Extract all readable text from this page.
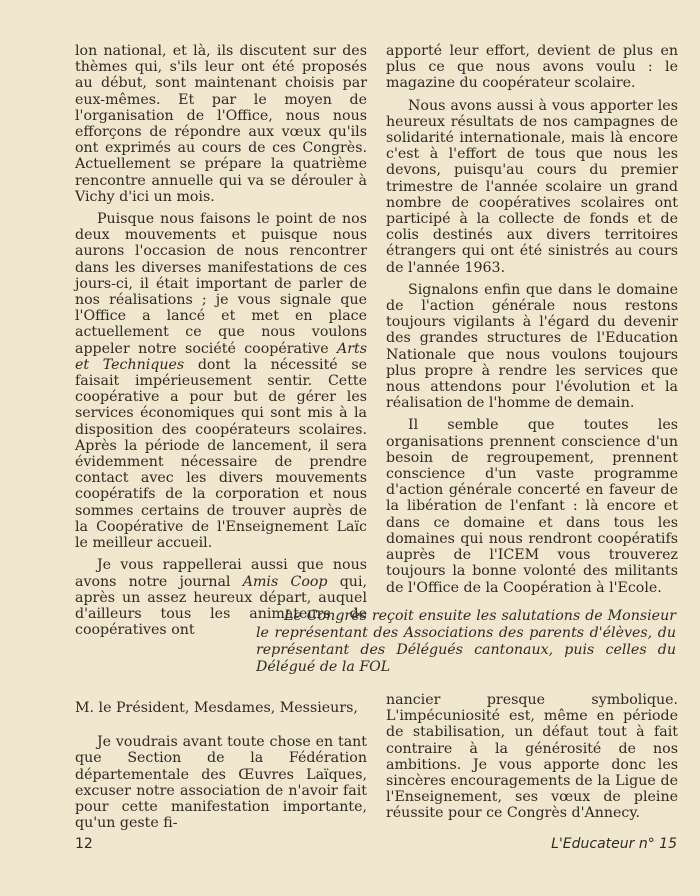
lon national, et là, ils discutent sur des thèmes qui, s'ils leur ont été proposés au début, sont maintenant choisis par eux-mêmes. Et par le moyen de l'organisation de l'Office, nous nous efforçons de répondre aux vœux qu'ils ont exprimés au cours de ces Congrès. Actuellement se prépare la quatrième rencontre annuelle qui va se dérouler à Vichy d'ici un mois.

Puisque nous faisons le point de nos deux mouvements et puisque nous aurons l'occasion de nous rencontrer dans les diverses manifestations de ces jours-ci, il était important de parler de nos réalisations ; je vous signale que l'Office a lancé et met en place actuellement ce que nous voulons appeler notre société coopérative Arts et Techniques dont la nécessité se faisait impérieusement sentir. Cette coopérative a pour but de gérer les services économiques qui sont mis à la disposition des coopérateurs scolaires. Après la période de lancement, il sera évidemment nécessaire de prendre contact avec les divers mouvements coopératifs de la corporation et nous sommes certains de trouver auprès de la Coopérative de l'Enseignement Laïc le meilleur accueil.

Je vous rappellerai aussi que nous avons notre journal Amis Coop qui, après un assez heureux départ, auquel d'ailleurs tous les animateurs de coopératives ont

apporté leur effort, devient de plus en plus ce que nous avons voulu : le magazine du coopérateur scolaire.

Nous avons aussi à vous apporter les heureux résultats de nos campagnes de solidarité internationale, mais là encore c'est à l'effort de tous que nous les devons, puisqu'au cours du premier trimestre de l'année scolaire un grand nombre de coopératives scolaires ont participé à la collecte de fonds et de colis destinés aux divers territoires étrangers qui ont été sinistrés au cours de l'année 1963.

Signalons enfin que dans le domaine de l'action générale nous restons toujours vigilants à l'égard du devenir des grandes structures de l'Education Nationale que nous voulons toujours plus propre à rendre les services que nous attendons pour l'évolution et la réalisation de l'homme de demain.

Il semble que toutes les organisations prennent conscience d'un besoin de regroupement, prennent conscience d'un vaste programme d'action générale concerté en faveur de la libération de l'enfant : là encore et dans ce domaine et dans tous les domaines qui nous rendront coopératifs auprès de l'ICEM vous trouverez toujours la bonne volonté des militants de l'Office de la Coopération à l'Ecole.

Le Congrès reçoit ensuite les salutations de Monsieur le représentant des Associations des parents d'élèves, du représentant des Délégués cantonaux, puis celles du Délégué de la FOL

M. le Président, Mesdames, Messieurs,

Je voudrais avant toute chose en tant que Section de la Fédération départementale des Œuvres Laïques, excuser notre association de n'avoir fait pour cette manifestation importante, qu'un geste fi-

nancier presque symbolique. L'impécuniosité est, même en période de stabilisation, un défaut tout à fait contraire à la générosité de nos ambitions. Je vous apporte donc les sincères encouragements de la Ligue de l'Enseignement, ses vœux de pleine réussite pour ce Congrès d'Annecy.

12	L'Educateur n° 15
